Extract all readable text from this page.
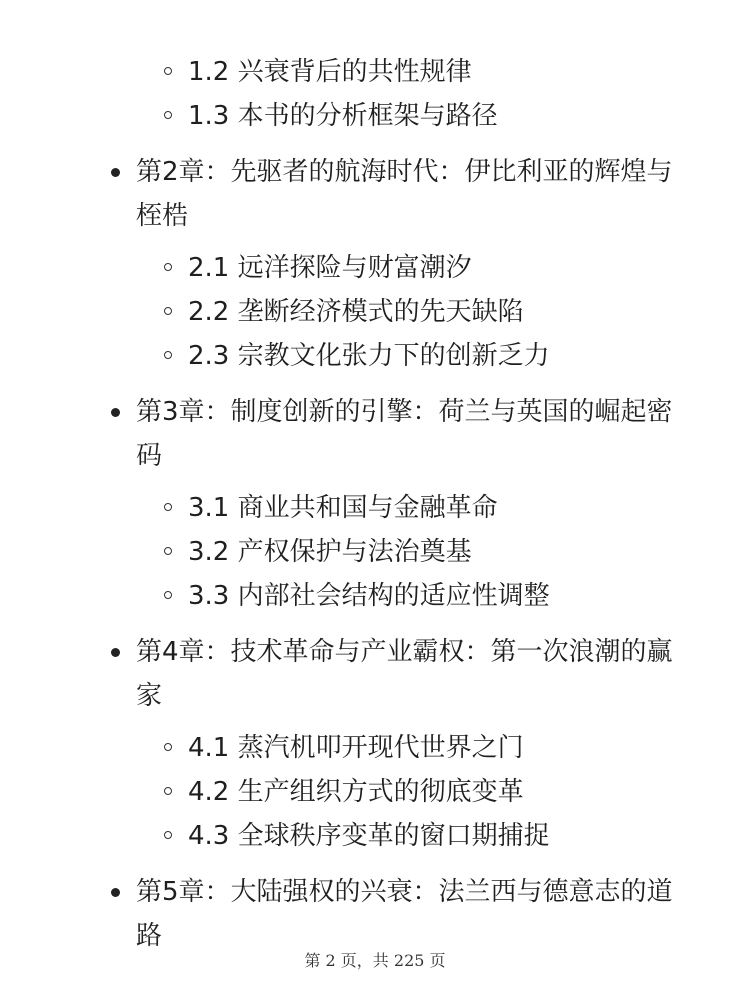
1.2 兴衰背后的共性规律
1.3 本书的分析框架与路径
第2章：先驱者的航海时代：伊比利亚的辉煌与桎梏
2.1 远洋探险与财富潮汐
2.2 垄断经济模式的先天缺陷
2.3 宗教文化张力下的创新乏力
第3章：制度创新的引擎：荷兰与英国的崛起密码
3.1 商业共和国与金融革命
3.2 产权保护与法治奠基
3.3 内部社会结构的适应性调整
第4章：技术革命与产业霸权：第一次浪潮的赢家
4.1 蒸汽机叩开现代世界之门
4.2 生产组织方式的彻底变革
4.3 全球秩序变革的窗口期捕捉
第5章：大陆强权的兴衰：法兰西与德意志的道路
第 2 页，共 225 页
